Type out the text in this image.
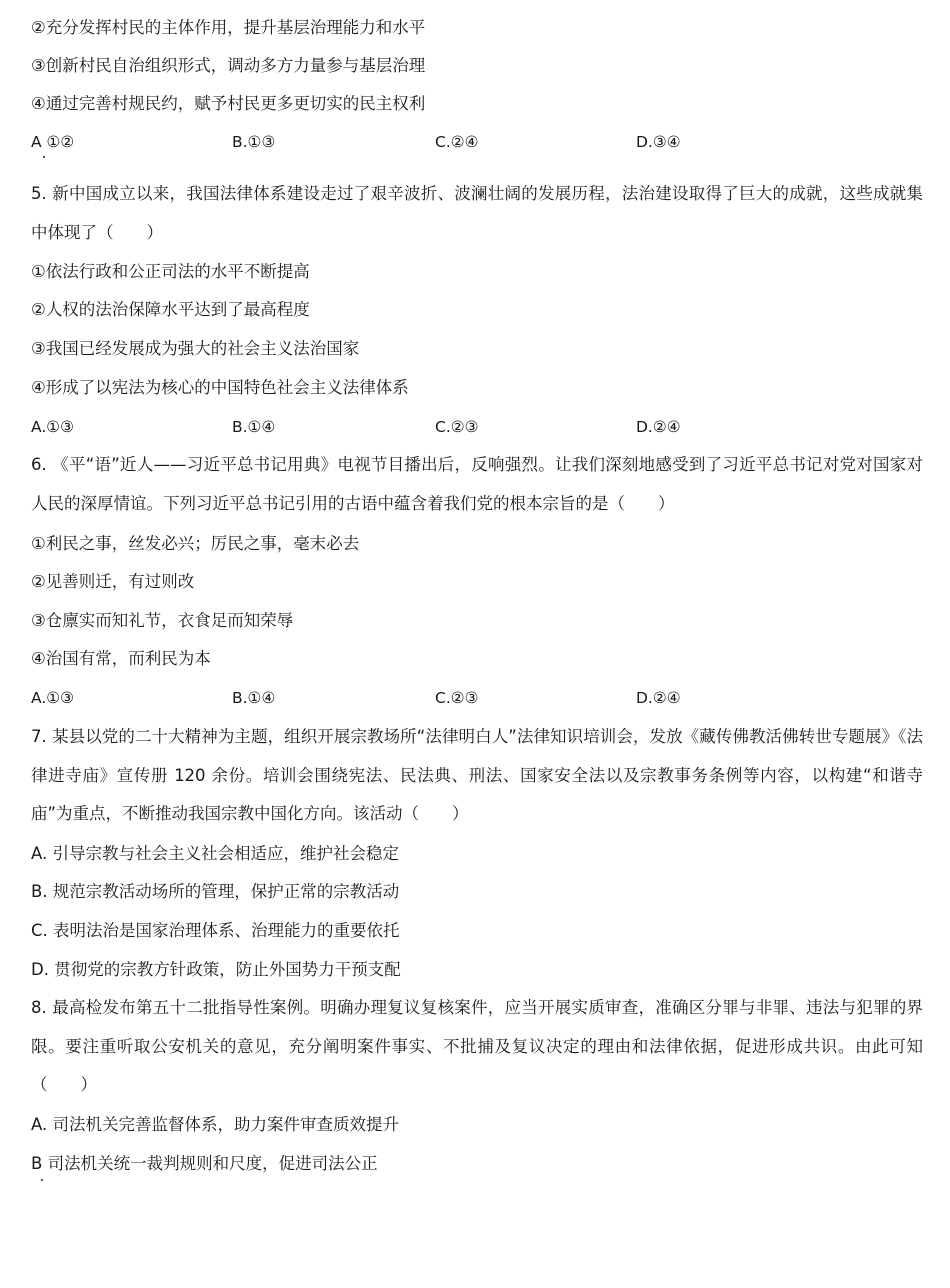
②充分发挥村民的主体作用，提升基层治理能力和水平
③创新村民自治组织形式，调动多方力量参与基层治理
④通过完善村规民约，赋予村民更多更切实的民主权利
A ①②	B.①③	C.②④	D.③④
5. 新中国成立以来，我国法律体系建设走过了艰辛波折、波澜壮阔的发展历程，法治建设取得了巨大的成就，这些成就集中体现了（　　）
①依法行政和公正司法的水平不断提高
②人权的法治保障水平达到了最高程度
③我国已经发展成为强大的社会主义法治国家
④形成了以宪法为核心的中国特色社会主义法律体系
A.①③	B.①④	C.②③	D.②④
6. 《平“语”近人——习近平总书记用典》电视节目播出后，反响强烈。让我们深刻地感受到了习近平总书记对党对国家对人民的深厚情谊。下列习近平总书记引用的古语中蕴含着我们党的根本宗旨的是（　　）
①利民之事，丝发必兴；厉民之事，毫末必去
②见善则迁，有过则改
③仓廪实而知礼节，衣食足而知荣辱
④治国有常，而利民为本
A.①③	B.①④	C.②③	D.②④
7. 某县以党的二十大精神为主题，组织开展宗教场所“法律明白人”法律知识培训会，发放《藏传佛教活佛转世专题展》《法律进寺庙》宣传册 120 余份。培训会围绕宪法、民法典、刑法、国家安全法以及宗教事务条例等内容，以构建“和谐寺庙”为重点，不断推动我国宗教中国化方向。该活动（　　）
A. 引导宗教与社会主义社会相适应，维护社会稳定
B. 规范宗教活动场所的管理，保护正常的宗教活动
C. 表明法治是国家治理体系、治理能力的重要依托
D. 贯彻党的宗教方针政策，防止外国势力干预支配
8. 最高检发布第五十二批指导性案例。明确办理复议复核案件，应当开展实质审查，准确区分罪与非罪、违法与犯罪的界限。要注重听取公安机关的意见，充分阐明案件事实、不批捕及复议决定的理由和法律依据，促进形成共识。由此可知（　　）
A. 司法机关完善监督体系，助力案件审查质效提升
B 司法机关统一裁判规则和尺度，促进司法公正
